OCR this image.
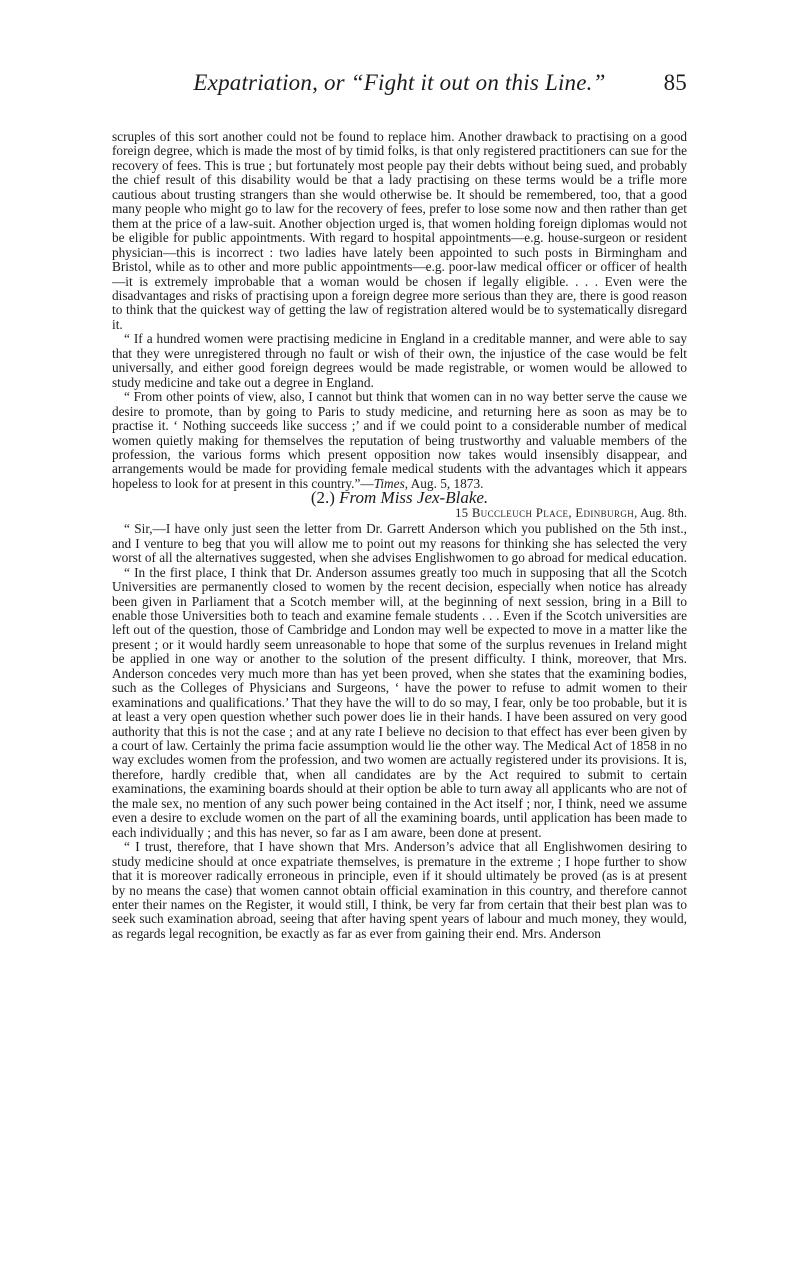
Expatriation, or “Fight it out on this Line.”	85

scruples of this sort another could not be found to replace him. Another drawback to practising on a good foreign degree, which is made the most of by timid folks, is that only registered practitioners can sue for the recovery of fees. This is true ; but fortunately most people pay their debts without being sued, and probably the chief result of this disability would be that a lady practising on these terms would be a trifle more cautious about trusting strangers than she would otherwise be. It should be remembered, too, that a good many people who might go to law for the recovery of fees, prefer to lose some now and then rather than get them at the price of a law-suit. Another objection urged is, that women holding foreign diplomas would not be eligible for public appointments. With regard to hospital appointments—e.g. house-surgeon or resident physician—this is incorrect : two ladies have lately been appointed to such posts in Birmingham and Bristol, while as to other and more public appointments—e.g. poor-law medical officer or officer of health—it is extremely improbable that a woman would be chosen if legally eligible. . . . Even were the disadvantages and risks of practising upon a foreign degree more serious than they are, there is good reason to think that the quickest way of getting the law of registration altered would be to systematically disregard it.

“ If a hundred women were practising medicine in England in a creditable manner, and were able to say that they were unregistered through no fault or wish of their own, the injustice of the case would be felt universally, and either good foreign degrees would be made registrable, or women would be allowed to study medicine and take out a degree in England.

“ From other points of view, also, I cannot but think that women can in no way better serve the cause we desire to promote, than by going to Paris to study medicine, and returning here as soon as may be to practise it. ‘ Nothing succeeds like success ;’ and if we could point to a considerable number of medical women quietly making for themselves the reputation of being trustworthy and valuable members of the profession, the various forms which present opposition now takes would insensibly disappear, and arrangements would be made for providing female medical students with the advantages which it appears hopeless to look for at present in this country.”—Times, Aug. 5, 1873.

(2.) From Miss Jex-Blake.

15 Buccleuch Place, Edinburgh, Aug. 8th.

“ Sir,—I have only just seen the letter from Dr. Garrett Anderson which you published on the 5th inst., and I venture to beg that you will allow me to point out my reasons for thinking she has selected the very worst of all the alternatives suggested, when she advises Englishwomen to go abroad for medical education.

“ In the first place, I think that Dr. Anderson assumes greatly too much in supposing that all the Scotch Universities are permanently closed to women by the recent decision, especially when notice has already been given in Parliament that a Scotch member will, at the beginning of next session, bring in a Bill to enable those Universities both to teach and examine female students . . . Even if the Scotch universities are left out of the question, those of Cambridge and London may well be expected to move in a matter like the present ; or it would hardly seem unreasonable to hope that some of the surplus revenues in Ireland might be applied in one way or another to the solution of the present difficulty. I think, moreover, that Mrs. Anderson concedes very much more than has yet been proved, when she states that the examining bodies, such as the Colleges of Physicians and Surgeons, ‘ have the power to refuse to admit women to their examinations and qualifications.’ That they have the will to do so may, I fear, only be too probable, but it is at least a very open question whether such power does lie in their hands. I have been assured on very good authority that this is not the case ; and at any rate I believe no decision to that effect has ever been given by a court of law. Certainly the prima facie assumption would lie the other way. The Medical Act of 1858 in no way excludes women from the profession, and two women are actually registered under its provisions. It is, therefore, hardly credible that, when all candidates are by the Act required to submit to certain examinations, the examining boards should at their option be able to turn away all applicants who are not of the male sex, no mention of any such power being contained in the Act itself ; nor, I think, need we assume even a desire to exclude women on the part of all the examining boards, until application has been made to each individually ; and this has never, so far as I am aware, been done at present.

“ I trust, therefore, that I have shown that Mrs. Anderson’s advice that all Englishwomen desiring to study medicine should at once expatriate themselves, is premature in the extreme ; I hope further to show that it is moreover radically erroneous in principle, even if it should ultimately be proved (as is at present by no means the case) that women cannot obtain official examination in this country, and therefore cannot enter their names on the Register, it would still, I think, be very far from certain that their best plan was to seek such examination abroad, seeing that after having spent years of labour and much money, they would, as regards legal recognition, be exactly as far as ever from gaining their end. Mrs. Anderson
